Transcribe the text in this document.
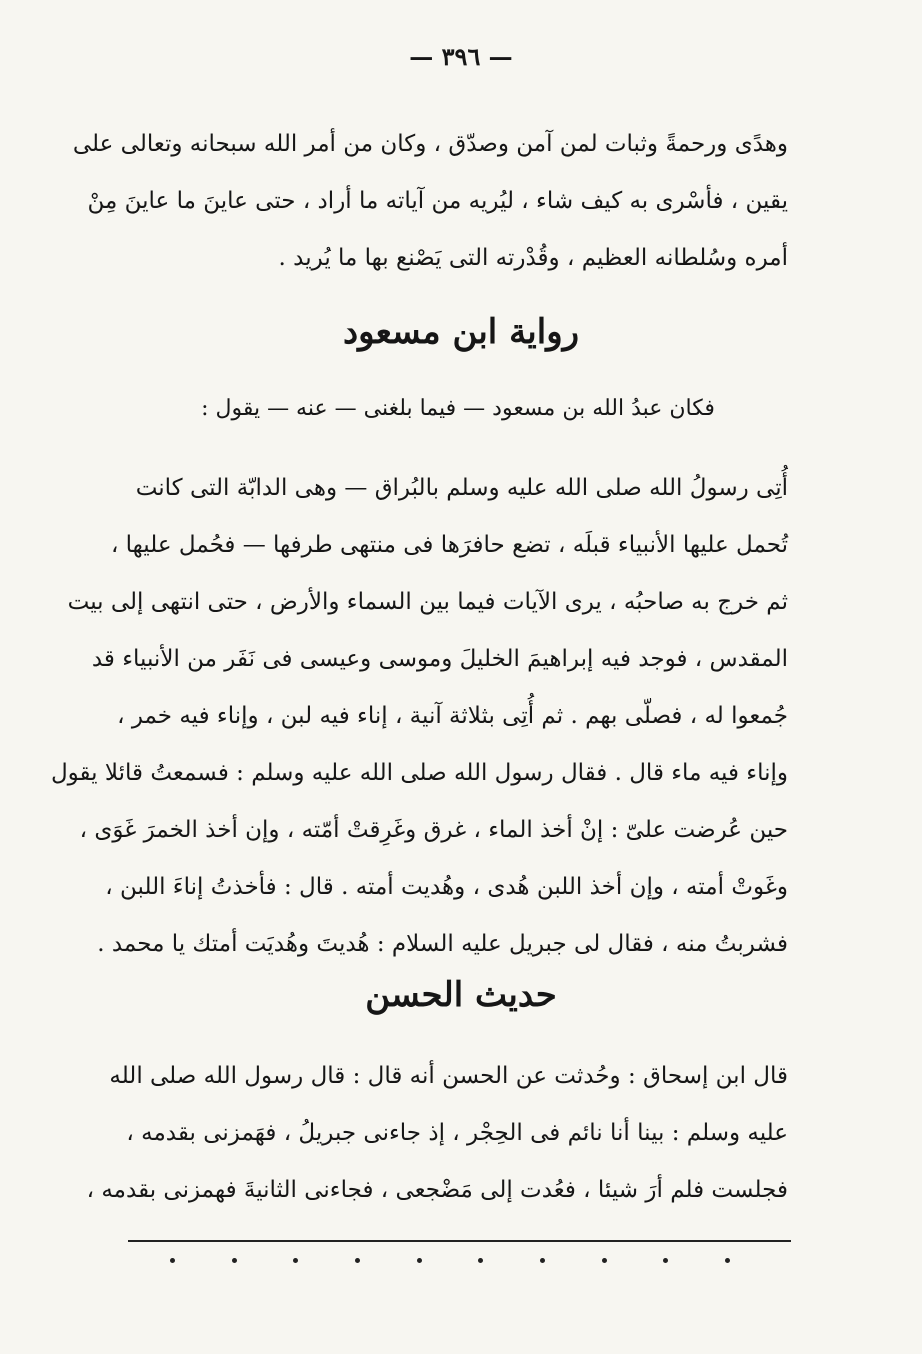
— ٣٩٦ —
وهدًى ورحمةً وثبات لمن آمن وصدّق ، وكان من أمر الله سبحانه وتعالى على
يقين ، فأسْرى به كيف شاء ، ليُريه من آياته ما أراد ، حتى عاينَ ما عاينَ مِنْ
أمره وسُلطانه العظيم ، وقُدْرته التى يَصْنع بها ما يُريد .
رواية ابن مسعود
فكان عبدُ الله بن مسعود — فيما بلغنى — عنه — يقول :
أُتِى رسولُ الله صلى الله عليه وسلم بالبُراق — وهى الدابّة التى كانت
تُحمل عليها الأنبياء قبلَه ، تضع حافرَها فى منتهى طرفها — فحُمل عليها ،
ثم خرج به صاحبُه ، يرى الآيات فيما بين السماء والأرض ، حتى انتهى إلى بيت
المقدس ، فوجد فيه إبراهيمَ الخليلَ وموسى وعيسى فى نَفَر من الأنبياء قد
جُمعوا له ، فصلّى بهم . ثم أُتِى بثلاثة آنية ، إناء فيه لبن ، وإناء فيه خمر ،
وإناء فيه ماء قال . فقال رسول الله صلى الله عليه وسلم : فسمعتُ قائلا يقول
حين عُرضت علىّ : إنْ أخذ الماء ، غرق وغَرِقتْ أمّته ، وإن أخذ الخمرَ غَوَى ،
وغَوتْ أمته ، وإن أخذ اللبن هُدى ، وهُديت أمته . قال : فأخذتُ إناءَ اللبن ،
فشربتُ منه ، فقال لى جبريل عليه السلام : هُديتَ وهُديَت أمتك يا محمد .
حديث الحسن
قال ابن إسحاق : وحُدثت عن الحسن أنه قال : قال رسول الله صلى الله
عليه وسلم : بينا أنا نائم فى الحِجْر ، إذ جاءنى جبريلُ ، فهَمزنى بقدمه ،
فجلست فلم أرَ شيئا ، فعُدت إلى مَضْجعى ، فجاءنى الثانيةَ فهمزنى بقدمه ،
